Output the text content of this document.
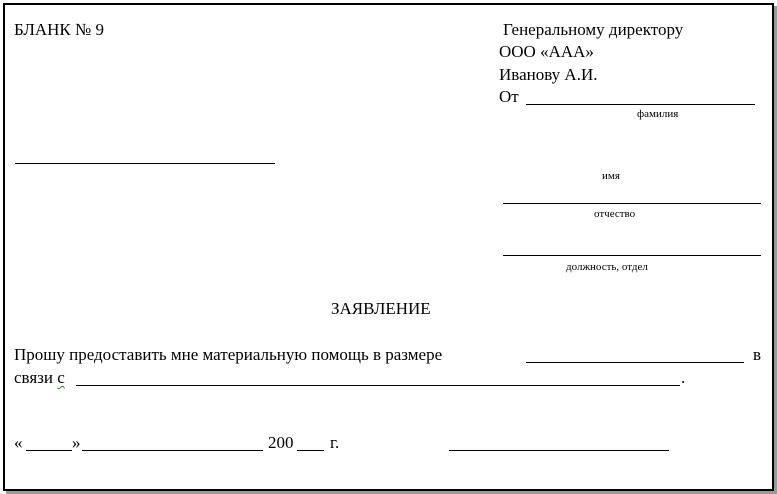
БЛАНК № 9	Генеральному директору
ООО «ААА»
Иванову А.И.
От
фамилия
имя
отчество
должность, отдел
ЗАЯВЛЕНИЕ
Прошу предоставить мне материальную помощь в размере	в
связи с	.
«	»	200 г.
